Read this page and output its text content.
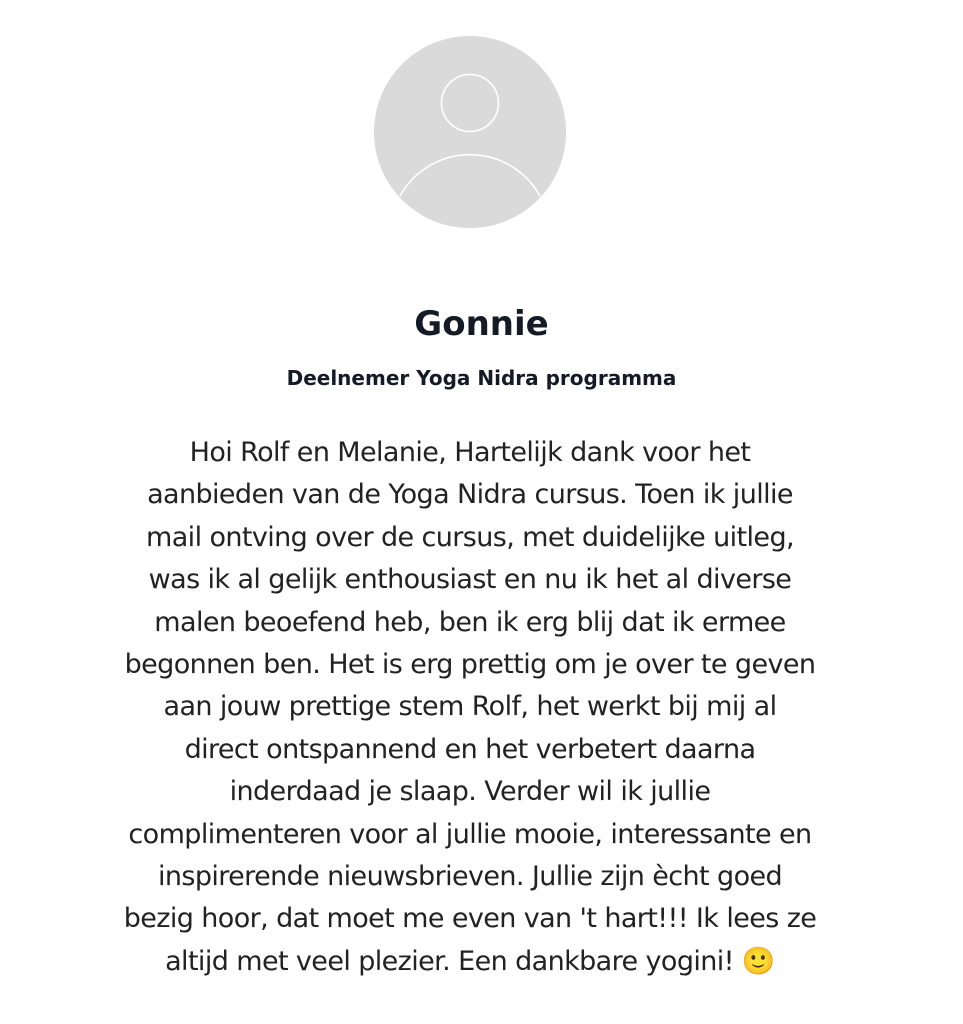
Gonnie
Deelnemer Yoga Nidra programma

Hoi Rolf en Melanie, Hartelijk dank voor het
aanbieden van de Yoga Nidra cursus. Toen ik jullie
mail ontving over de cursus, met duidelijke uitleg,
was ik al gelijk enthousiast en nu ik het al diverse
malen beoefend heb, ben ik erg blij dat ik ermee
begonnen ben. Het is erg prettig om je over te geven
aan jouw prettige stem Rolf, het werkt bij mij al
direct ontspannend en het verbetert daarna
inderdaad je slaap. Verder wil ik jullie
complimenteren voor al jullie mooie, interessante en
inspirerende nieuwsbrieven. Jullie zijn ècht goed
bezig hoor, dat moet me even van 't hart!!! Ik lees ze
altijd met veel plezier. Een dankbare yogini! 🙂
